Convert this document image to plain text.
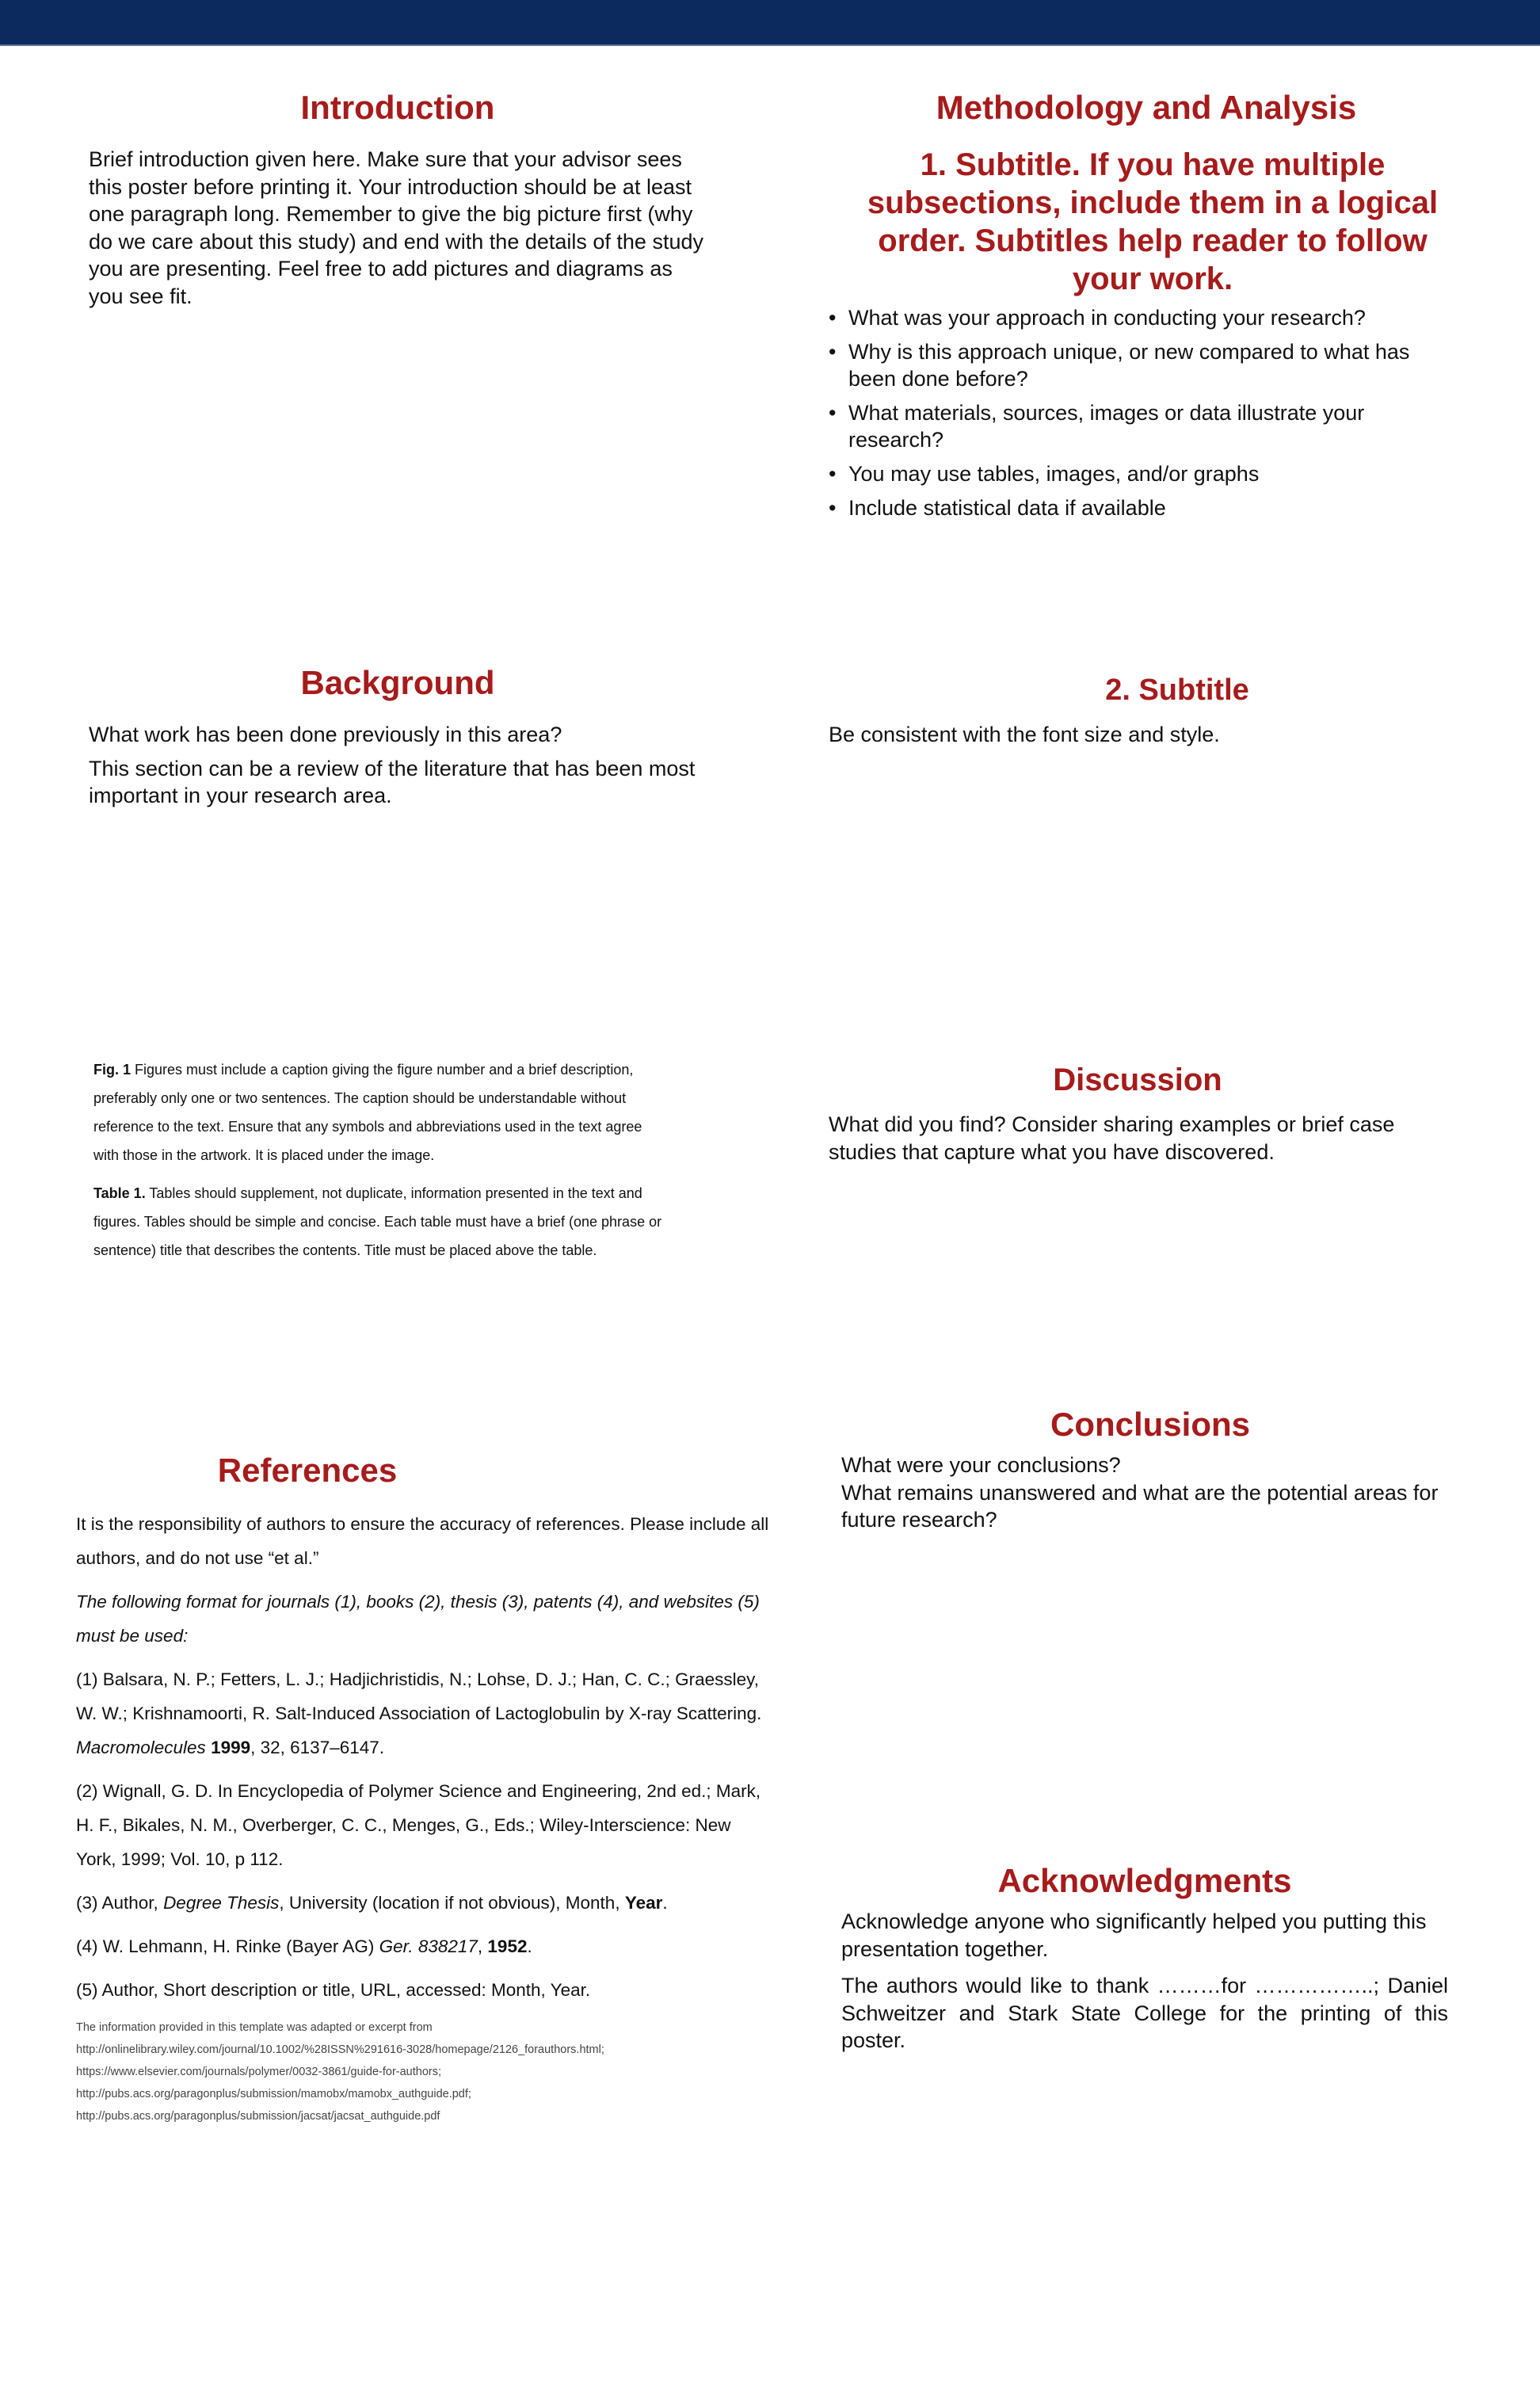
Introduction

Brief introduction given here. Make sure that your advisor sees this poster before printing it. Your introduction should be at least one paragraph long. Remember to give the big picture first (why do we care about this study) and end with the details of the study you are presenting. Feel free to add pictures and diagrams as you see fit.

Methodology and Analysis

1. Subtitle. If you have multiple subsections, include them in a logical order. Subtitles help reader to follow your work.

• What was your approach in conducting your research?
• Why is this approach unique, or new compared to what has been done before?
• What materials, sources, images or data illustrate your research?
• You may use tables, images, and/or graphs
• Include statistical data if available
Background

What work has been done previously in this area?

This section can be a review of the literature that has been most important in your research area.

2. Subtitle

Be consistent with the font size and style.

Fig. 1 Figures must include a caption giving the figure number and a brief description, preferably only one or two sentences. The caption should be understandable without reference to the text. Ensure that any symbols and abbreviations used in the text agree with those in the artwork. It is placed under the image.

Table 1. Tables should supplement, not duplicate, information presented in the text and figures. Tables should be simple and concise. Each table must have a brief (one phrase or sentence) title that describes the contents. Title must be placed above the table.

Discussion

What did you find? Consider sharing examples or brief case studies that capture what you have discovered.

References

It is the responsibility of authors to ensure the accuracy of references. Please include all authors, and do not use “et al.”

The following format for journals (1), books (2), thesis (3), patents (4), and websites (5) must be used:

(1) Balsara, N. P.; Fetters, L. J.; Hadjichristidis, N.; Lohse, D. J.; Han, C. C.; Graessley, W. W.; Krishnamoorti, R. Salt-Induced Association of Lactoglobulin by X-ray Scattering. Macromolecules 1999, 32, 6137–6147.

(2) Wignall, G. D. In Encyclopedia of Polymer Science and Engineering, 2nd ed.; Mark, H. F., Bikales, N. M., Overberger, C. C., Menges, G., Eds.; Wiley-Interscience: New York, 1999; Vol. 10, p 112.

(3) Author, Degree Thesis, University (location if not obvious), Month, Year.

(4) W. Lehmann, H. Rinke (Bayer AG) Ger. 838217, 1952.

(5) Author, Short description or title, URL, accessed: Month, Year.

The information provided in this template was adapted or excerpt from

http://onlinelibrary.wiley.com/journal/10.1002/%28ISSN%291616-3028/homepage/2126_forauthors.html;

https://www.elsevier.com/journals/polymer/0032-3861/guide-for-authors;

http://pubs.acs.org/paragonplus/submission/mamobx/mamobx_authguide.pdf;

http://pubs.acs.org/paragonplus/submission/jacsat/jacsat_authguide.pdf

Conclusions

What were your conclusions?

What remains unanswered and what are the potential areas for future research?

Acknowledgments

Acknowledge anyone who significantly helped you putting this presentation together.

The authors would like to thank ………for ……………..; Daniel Schweitzer and Stark State College for the printing of this poster.
